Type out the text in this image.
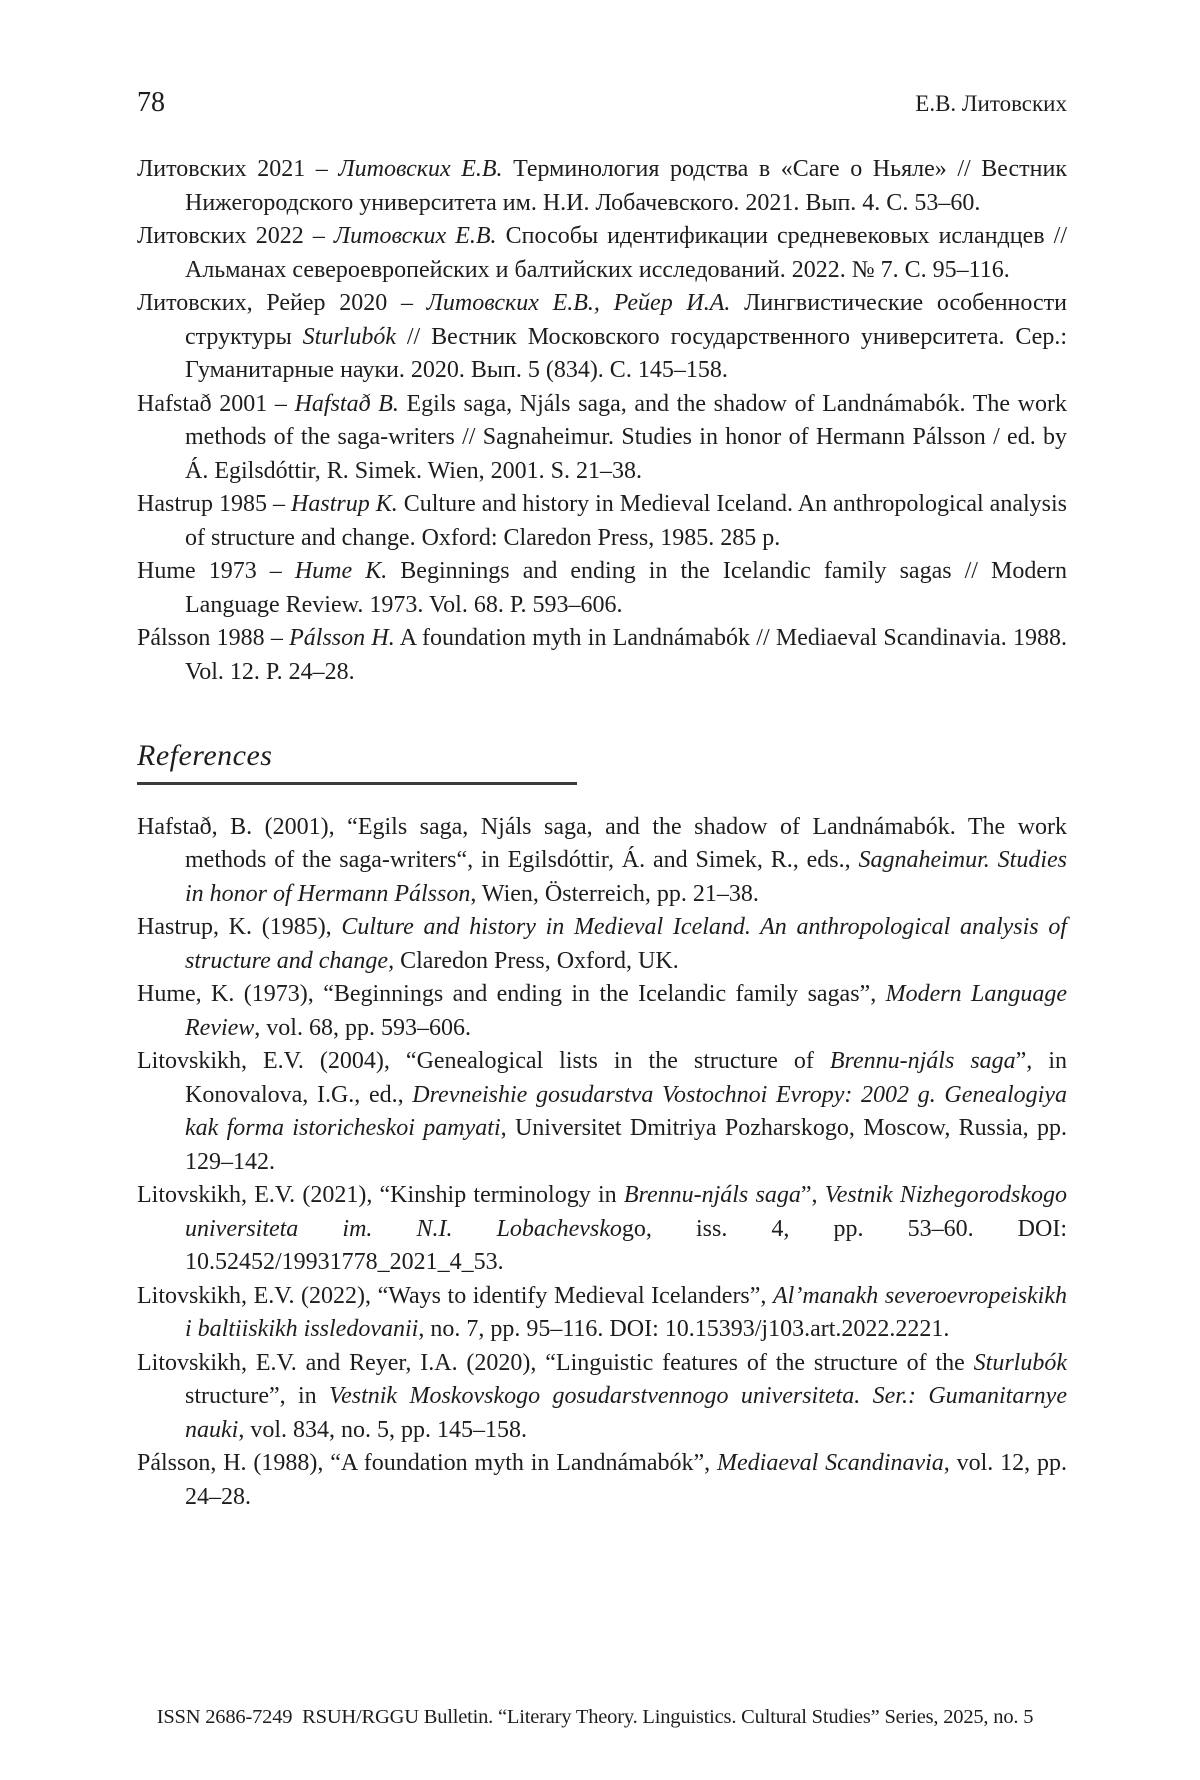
78	Е.В. Литовских

Литовских 2021 – Литовских Е.В. Терминология родства в «Саге о Ньяле» // Вестник Нижегородского университета им. Н.И. Лобачевского. 2021. Вып. 4. С. 53–60.

Литовских 2022 – Литовских Е.В. Способы идентификации средневековых исландцев // Альманах североевропейских и балтийских исследований. 2022. № 7. С. 95–116.

Литовских, Рейер 2020 – Литовских Е.В., Рейер И.А. Лингвистические особенности структуры Sturlubók // Вестник Московского государственного университета. Сер.: Гуманитарные науки. 2020. Вып. 5 (834). С. 145–158.

Hafstað 2001 – Hafstað B. Egils saga, Njáls saga, and the shadow of Landnámabók. The work methods of the saga-writers // Sagnaheimur. Studies in honor of Hermann Pálsson / ed. by Á. Egilsdóttir, R. Simek. Wien, 2001. S. 21–38.

Hastrup 1985 – Hastrup K. Culture and history in Medieval Iceland. An anthropological analysis of structure and change. Oxford: Claredon Press, 1985. 285 p.

Hume 1973 – Hume K. Beginnings and ending in the Icelandic family sagas // Modern Language Review. 1973. Vol. 68. P. 593–606.

Pálsson 1988 – Pálsson H. A foundation myth in Landnámabók // Mediaeval Scandinavia. 1988. Vol. 12. P. 24–28.

References

Hafstað, B. (2001), “Egils saga, Njáls saga, and the shadow of Landnámabók. The work methods of the saga-writers“, in Egilsdóttir, Á. and Simek, R., eds., Sagnaheimur. Studies in honor of Hermann Pálsson, Wien, Österreich, pp. 21–38.

Hastrup, K. (1985), Culture and history in Medieval Iceland. An anthropological analysis of structure and change, Claredon Press, Oxford, UK.

Hume, K. (1973), “Beginnings and ending in the Icelandic family sagas”, Modern Language Review, vol. 68, pp. 593–606.

Litovskikh, E.V. (2004), “Genealogical lists in the structure of Brennu-njáls saga”, in Konovalova, I.G., ed., Drevneishie gosudarstva Vostochnoi Evropy: 2002 g. Genealogiya kak forma istoricheskoi pamyati, Universitet Dmitriya Pozharskogo, Moscow, Russia, pp. 129–142.

Litovskikh, E.V. (2021), “Kinship terminology in Brennu-njáls saga”, Vestnik Nizhegorodskogo universiteta im. N.I. Lobachevskogo, iss. 4, pp. 53–60. DOI: 10.52452/19931778_2021_4_53.

Litovskikh, E.V. (2022), “Ways to identify Medieval Icelanders”, Al’manakh severoevropeiskikh i baltiiskikh issledovanii, no. 7, pp. 95–116. DOI: 10.15393/j103.art.2022.2221.

Litovskikh, E.V. and Reyer, I.A. (2020), “Linguistic features of the structure of the Sturlubók structure”, in Vestnik Moskovskogo gosudarstvennogo universiteta. Ser.: Gumanitarnye nauki, vol. 834, no. 5, pp. 145–158.

Pálsson, H. (1988), “A foundation myth in Landnámabók”, Mediaeval Scandinavia, vol. 12, pp. 24–28.

ISSN 2686-7249  RSUH/RGGU Bulletin. “Literary Theory. Linguistics. Cultural Studies” Series, 2025, no. 5
